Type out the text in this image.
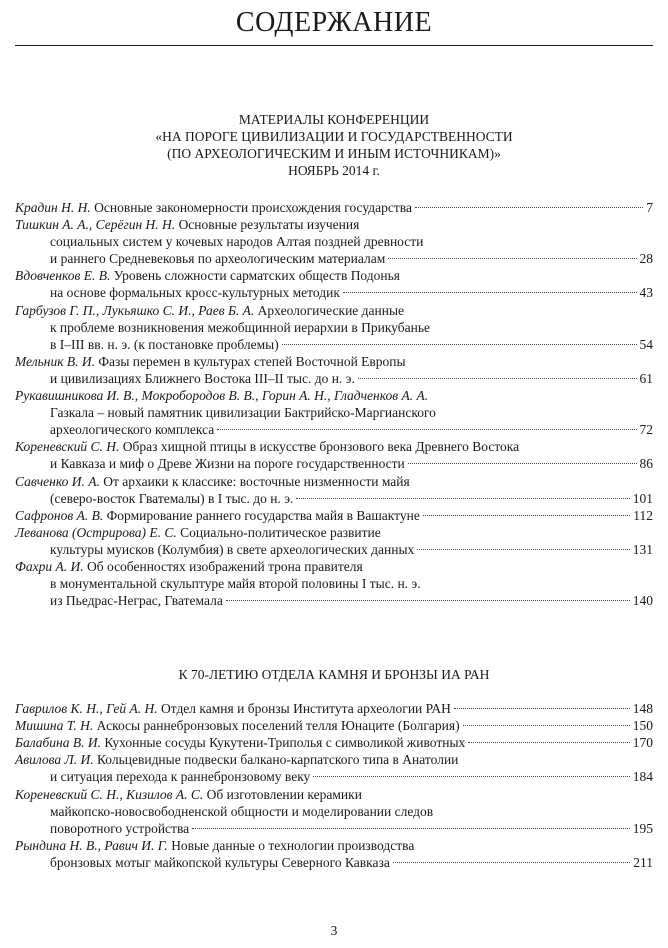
СОДЕРЖАНИЕ
МАТЕРИАЛЫ КОНФЕРЕНЦИИ
«НА ПОРОГЕ ЦИВИЛИЗАЦИИ И ГОСУДАРСТВЕННОСТИ
(ПО АРХЕОЛОГИЧЕСКИМ И ИНЫМ ИСТОЧНИКАМ)»
НОЯБРЬ 2014 г.
Крадин Н. Н. Основные закономерности происхождения государства	7
Тишкин А. А., Серёгин Н. Н. Основные результаты изучения
социальных систем у кочевых народов Алтая поздней древности
и раннего Средневековья по археологическим материалам	28
Вдовченков Е. В. Уровень сложности сарматских обществ Подонья
на основе формальных кросс-культурных методик	43
Гарбузов Г. П., Лукьяшко С. И., Раев Б. А. Археологические данные
к проблеме возникновения межобщинной иерархии в Прикубанье
в I–III вв. н. э. (к постановке проблемы)	54
Мельник В. И. Фазы перемен в культурах степей Восточной Европы
и цивилизациях Ближнего Востока III–II тыс. до н. э.	61
Рукавишникова И. В., Мокробородов В. В., Горин А. Н., Гладченков А. А.
Газкала – новый памятник цивилизации Бактрийско-Маргианского
археологического комплекса	72
Кореневский С. Н. Образ хищной птицы в искусстве бронзового века Древнего Востока
и Кавказа и миф о Древе Жизни на пороге государственности	86
Савченко И. А. От архаики к классике: восточные низменности майя
(северо-восток Гватемалы) в I тыс. до н. э.	101
Сафронов А. В. Формирование раннего государства майя в Вашактуне	112
Леванова (Острирова) Е. С. Социально-политическое развитие
культуры муисков (Колумбия) в свете археологических данных	131
Фахри А. И. Об особенностях изображений трона правителя
в монументальной скульптуре майя второй половины I тыс. н. э.
из Пьедрас-Неграс, Гватемала	140
К 70-ЛЕТИЮ ОТДЕЛА КАМНЯ И БРОНЗЫ ИА РАН
Гаврилов К. Н., Гей А. Н. Отдел камня и бронзы Института археологии РАН	148
Мишина Т. Н. Аскосы раннебронзовых поселений телля Юнаците (Болгария)	150
Балабина В. И. Кухонные сосуды Кукутени-Триполья с символикой животных	170
Авилова Л. И. Кольцевидные подвески балкано-карпатского типа в Анатолии
и ситуация перехода к раннебронзовому веку	184
Кореневский С. Н., Кизилов А. С. Об изготовлении керамики
майкопско-новосвободненской общности и моделировании следов
поворотного устройства	195
Рындина Н. В., Равич И. Г. Новые данные о технологии производства
бронзовых мотыг майкопской культуры Северного Кавказа	211
3
